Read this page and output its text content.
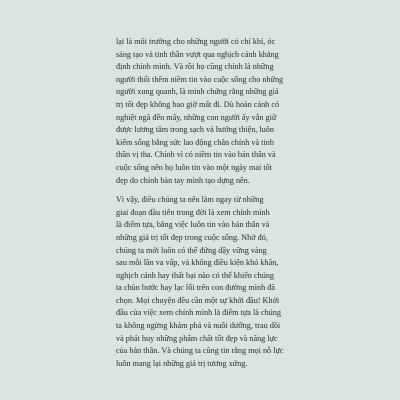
lại là môi trường cho những người có chí khí, óc
sáng tạo và tinh thần vượt qua nghịch cảnh khẳng
định chính mình. Và rồi họ cũng chính là những
người thổi thêm niềm tin vào cuộc sống cho những
người xung quanh, là minh chứng rằng những giá
trị tốt đẹp không bao giờ mất đi. Dù hoàn cảnh có
nghiệt ngã đến mấy, những con người ấy vẫn giữ
được lương tâm trong sạch và hướng thiện, luôn
kiếm sống bằng sức lao động chân chính và tinh
thần vị tha. Chính vì có niềm tin vào bản thân và
cuộc sống nên họ luôn tin vào một ngày mai tốt
đẹp do chính bàn tay mình tạo dựng nên.

Vì vậy, điều chúng ta nên làm ngay từ những
giai đoạn đầu tiên trong đời là xem chính mình
là điểm tựa, bằng việc luôn tin vào bản thân và
những giá trị tốt đẹp trong cuộc sống. Nhờ đó,
chúng ta mới luôn có thể đứng dậy vững vàng
sau mỗi lần va vấp, và không điều kiện khó khăn,
nghịch cảnh hay thất bại nào có thể khiến chúng
ta chùn bước hay lạc lối trên con đường mình đã
chọn. Mọi chuyện đều cần một sự khởi đầu! Khởi
đầu của việc xem chính mình là điểm tựa là chúng
ta không ngừng khám phá và nuôi dưỡng, trau dồi
và phát huy những phẩm chất tốt đẹp và năng lực
của bản thân. Và chúng ta cũng tin rằng mọi nỗ lực
luôn mang lại những giá trị tương xứng.
